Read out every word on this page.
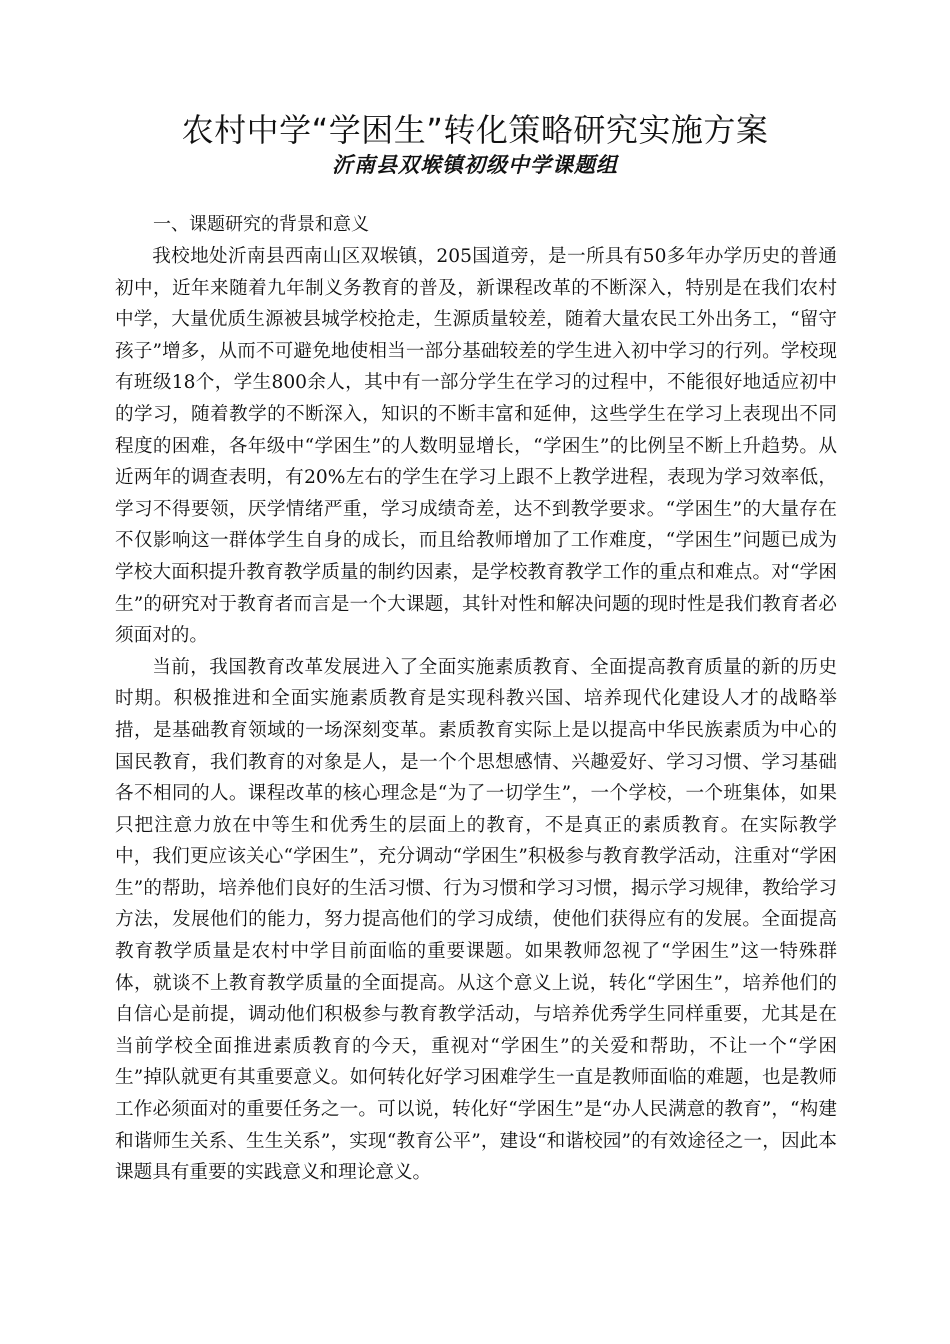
农村中学“学困生”转化策略研究实施方案
沂南县双堠镇初级中学课题组
一、课题研究的背景和意义

我校地处沂南县西南山区双堠镇，205国道旁，是一所具有50多年办学历史的普通初中，近年来随着九年制义务教育的普及，新课程改革的不断深入，特别是在我们农村中学，大量优质生源被县城学校抢走，生源质量较差，随着大量农民工外出务工，“留守孩子”增多，从而不可避免地使相当一部分基础较差的学生进入初中学习的行列。学校现有班级18个，学生800余人，其中有一部分学生在学习的过程中，不能很好地适应初中的学习，随着教学的不断深入，知识的不断丰富和延伸，这些学生在学习上表现出不同程度的困难，各年级中“学困生”的人数明显增长，“学困生”的比例呈不断上升趋势。从近两年的调查表明，有20%左右的学生在学习上跟不上教学进程，表现为学习效率低，学习不得要领，厌学情绪严重，学习成绩奇差，达不到教学要求。“学困生”的大量存在不仅影响这一群体学生自身的成长，而且给教师增加了工作难度，“学困生”问题已成为学校大面积提升教育教学质量的制约因素，是学校教育教学工作的重点和难点。对“学困生”的研究对于教育者而言是一个大课题，其针对性和解决问题的现时性是我们教育者必须面对的。

当前，我国教育改革发展进入了全面实施素质教育、全面提高教育质量的新的历史时期。积极推进和全面实施素质教育是实现科教兴国、培养现代化建设人才的战略举措，是基础教育领域的一场深刻变革。素质教育实际上是以提高中华民族素质为中心的国民教育，我们教育的对象是人，是一个个思想感情、兴趣爱好、学习习惯、学习基础各不相同的人。课程改革的核心理念是“为了一切学生”，一个学校，一个班集体，如果只把注意力放在中等生和优秀生的层面上的教育，不是真正的素质教育。在实际教学中，我们更应该关心“学困生”，充分调动“学困生”积极参与教育教学活动，注重对“学困生”的帮助，培养他们良好的生活习惯、行为习惯和学习习惯，揭示学习规律，教给学习方法，发展他们的能力，努力提高他们的学习成绩，使他们获得应有的发展。全面提高教育教学质量是农村中学目前面临的重要课题。如果教师忽视了“学困生”这一特殊群体，就谈不上教育教学质量的全面提高。从这个意义上说，转化“学困生”，培养他们的自信心是前提，调动他们积极参与教育教学活动，与培养优秀学生同样重要，尤其是在当前学校全面推进素质教育的今天，重视对“学困生”的关爱和帮助，不让一个“学困生”掉队就更有其重要意义。如何转化好学习困难学生一直是教师面临的难题，也是教师工作必须面对的重要任务之一。可以说，转化好“学困生”是“办人民满意的教育”，“构建和谐师生关系、生生关系”，实现“教育公平”，建设“和谐校园”的有效途径之一，因此本课题具有重要的实践意义和理论意义。
